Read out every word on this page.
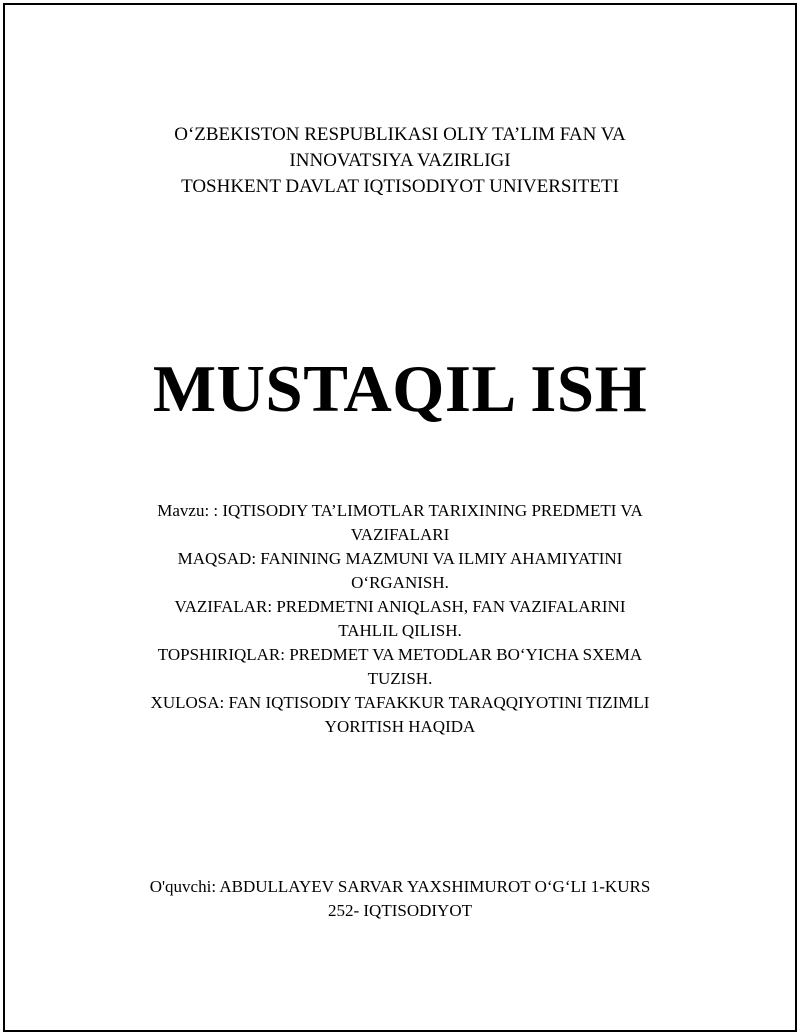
O‘ZBEKISTON RESPUBLIKASI OLIY TA’LIM FAN VA
INNOVATSIYA VAZIRLIGI
TOSHKENT DAVLAT IQTISODIYOT UNIVERSITETI
MUSTAQIL ISH
Mavzu: : IQTISODIY TA’LIMOTLAR TARIXINING PREDMETI VA
VAZIFALARI
MAQSAD: FANINING MAZMUNI VA ILMIY AHAMIYATINI
O‘RGANISH.
VAZIFALAR: PREDMETNI ANIQLASH, FAN VAZIFALARINI
TAHLIL QILISH.
TOPSHIRIQLAR: PREDMET VA METODLAR BO‘YICHA SXEMA
TUZISH.
XULOSA: FAN IQTISODIY TAFAKKUR TARAQQIYOTINI TIZIMLI
YORITISH HAQIDA
O'quvchi: ABDULLAYEV SARVAR YAXSHIMUROT O‘G‘LI 1-KURS
252- IQTISODIYOT
